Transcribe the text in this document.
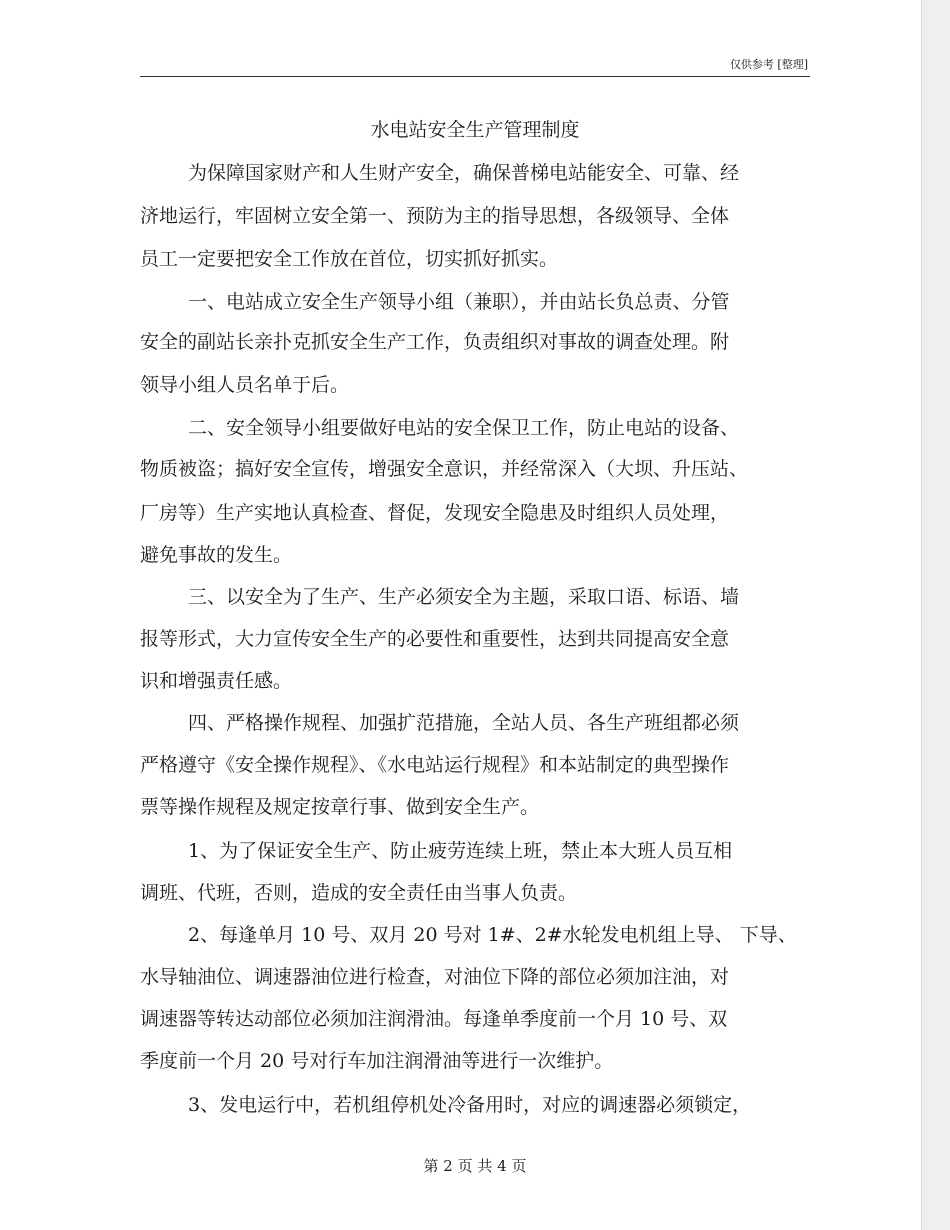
仅供参考 [整理]
水电站安全生产管理制度
为保障国家财产和人生财产安全，确保普梯电站能安全、可靠、经
济地运行，牢固树立安全第一、预防为主的指导思想，各级领导、全体
员工一定要把安全工作放在首位，切实抓好抓实。
一、电站成立安全生产领导小组（兼职），并由站长负总责、分管
安全的副站长亲扑克抓安全生产工作，负责组织对事故的调查处理。附
领导小组人员名单于后。
二、安全领导小组要做好电站的安全保卫工作，防止电站的设备、
物质被盗；搞好安全宣传，增强安全意识，并经常深入（大坝、升压站、
厂房等）生产实地认真检查、督促，发现安全隐患及时组织人员处理，
避免事故的发生。
三、以安全为了生产、生产必须安全为主题，采取口语、标语、墙
报等形式，大力宣传安全生产的必要性和重要性，达到共同提高安全意
识和增强责任感。
四、严格操作规程、加强扩范措施，全站人员、各生产班组都必须
严格遵守《安全操作规程》、《水电站运行规程》和本站制定的典型操作
票等操作规程及规定按章行事、做到安全生产。
1、为了保证安全生产、防止疲劳连续上班，禁止本大班人员互相
调班、代班，否则，造成的安全责任由当事人负责。
2、每逢单月 10 号、双月 20 号对 1#、2#水轮发电机组上导、 下导、
水导轴油位、调速器油位进行检查，对油位下降的部位必须加注油，对
调速器等转达动部位必须加注润滑油。每逢单季度前一个月 10 号、双
季度前一个月 20 号对行车加注润滑油等进行一次维护。
3、发电运行中，若机组停机处冷备用时，对应的调速器必须锁定，
第 2 页 共 4 页
